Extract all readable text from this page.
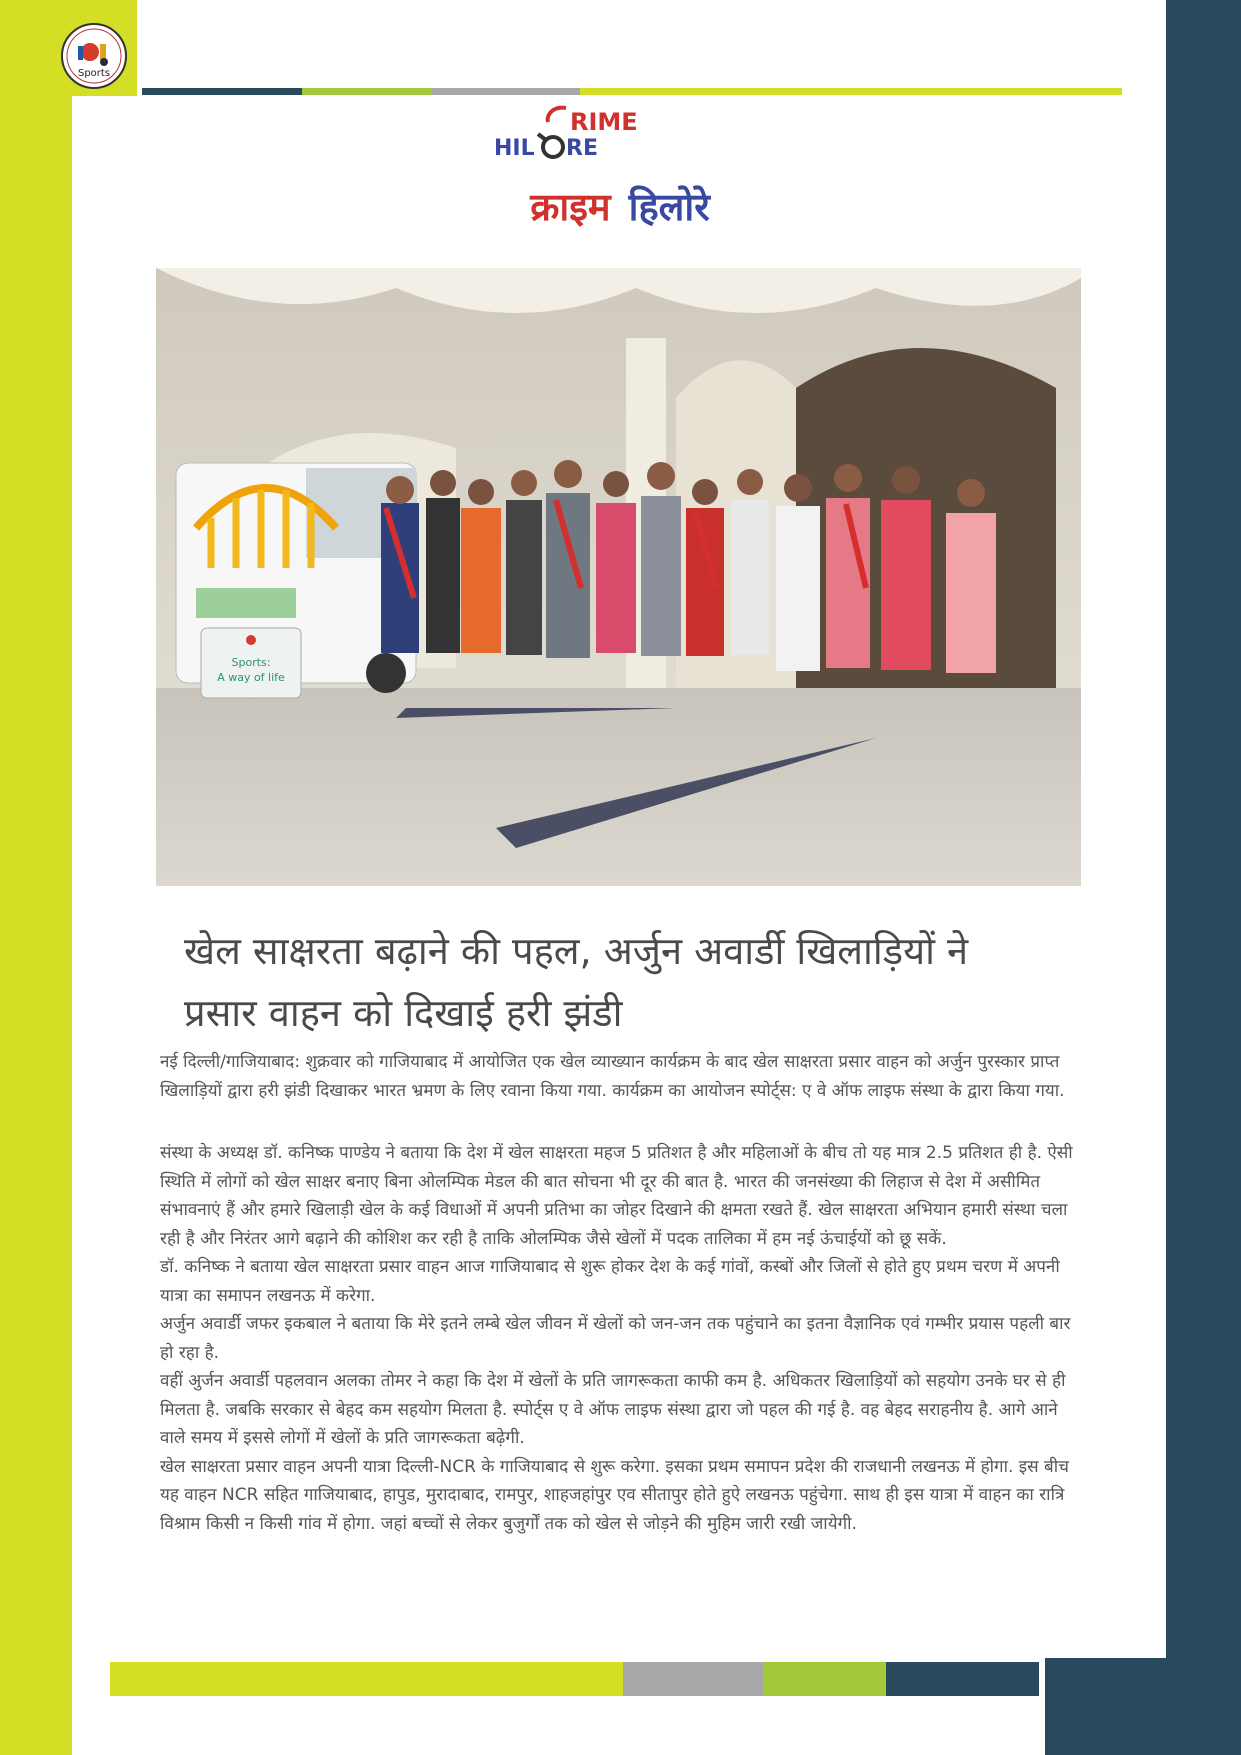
Sports
RIME
HIL RE
क्राइम हिलोरे
Sports:
A way of life
खेल साक्षरता बढ़ाने की पहल, अर्जुन अवार्डी खिलाड़ियों ने
प्रसार वाहन को दिखाई हरी झंडी

नई दिल्ली/गाजियाबाद: शुक्रवार को गाजियाबाद में आयोजित एक खेल व्याख्यान कार्यक्रम के बाद खेल साक्षरता प्रसार वाहन को अर्जुन पुरस्कार प्राप्त खिलाड़ियों द्वारा हरी झंडी दिखाकर भारत भ्रमण के लिए रवाना किया गया. कार्यक्रम का आयोजन स्पोर्ट्स: ए वे ऑफ लाइफ संस्था के द्वारा किया गया.

संस्था के अध्यक्ष डॉ. कनिष्क पाण्डेय ने बताया कि देश में खेल साक्षरता महज 5 प्रतिशत है और महिलाओं के बीच तो यह मात्र 2.5 प्रतिशत ही है. ऐसी स्थिति में लोगों को खेल साक्षर बनाए बिना ओलम्पिक मेडल की बात सोचना भी दूर की बात है. भारत की जनसंख्या की लिहाज से देश में असीमित संभावनाएं हैं और हमारे खिलाड़ी खेल के कई विधाओं में अपनी प्रतिभा का जोहर दिखाने की क्षमता रखते हैं. खेल साक्षरता अभियान हमारी संस्था चला रही है और निरंतर आगे बढ़ाने की कोशिश कर रही है ताकि ओलम्पिक जैसे खेलों में पदक तालिका में हम नई ऊंचाईयों को छू सकें.

डॉ. कनिष्क ने बताया खेल साक्षरता प्रसार वाहन आज गाजियाबाद से शुरू होकर देश के कई गांवों, कस्बों और जिलों से होते हुए प्रथम चरण में अपनी यात्रा का समापन लखनऊ में करेगा.

अर्जुन अवार्डी जफर इकबाल ने बताया कि मेरे इतने लम्बे खेल जीवन में खेलों को जन-जन तक पहुंचाने का इतना वैज्ञानिक एवं गम्भीर प्रयास पहली बार हो रहा है.

वहीं अुर्जन अवार्डी पहलवान अलका तोमर ने कहा कि देश में खेलों के प्रति जागरूकता काफी कम है. अधिकतर खिलाड़ियों को सहयोग उनके घर से ही मिलता है. जबकि सरकार से बेहद कम सहयोग मिलता है. स्पोर्ट्स ए वे ऑफ लाइफ संस्था द्वारा जो पहल की गई है. वह बेहद सराहनीय है. आगे आने वाले समय में इससे लोगों में खेलों के प्रति जागरूकता बढ़ेगी.

खेल साक्षरता प्रसार वाहन अपनी यात्रा दिल्ली-NCR के गाजियाबाद से शुरू करेगा. इसका प्रथम समापन प्रदेश की राजधानी लखनऊ में होगा. इस बीच यह वाहन NCR सहित गाजियाबाद, हापुड, मुरादाबाद, रामपुर, शाहजहांपुर एव सीतापुर होते हुऐ लखनऊ पहुंचेगा. साथ ही इस यात्रा में वाहन का रात्रि विश्राम किसी न किसी गांव में होगा. जहां बच्चों से लेकर बुजुर्गों तक को खेल से जोड़ने की मुहिम जारी रखी जायेगी.
